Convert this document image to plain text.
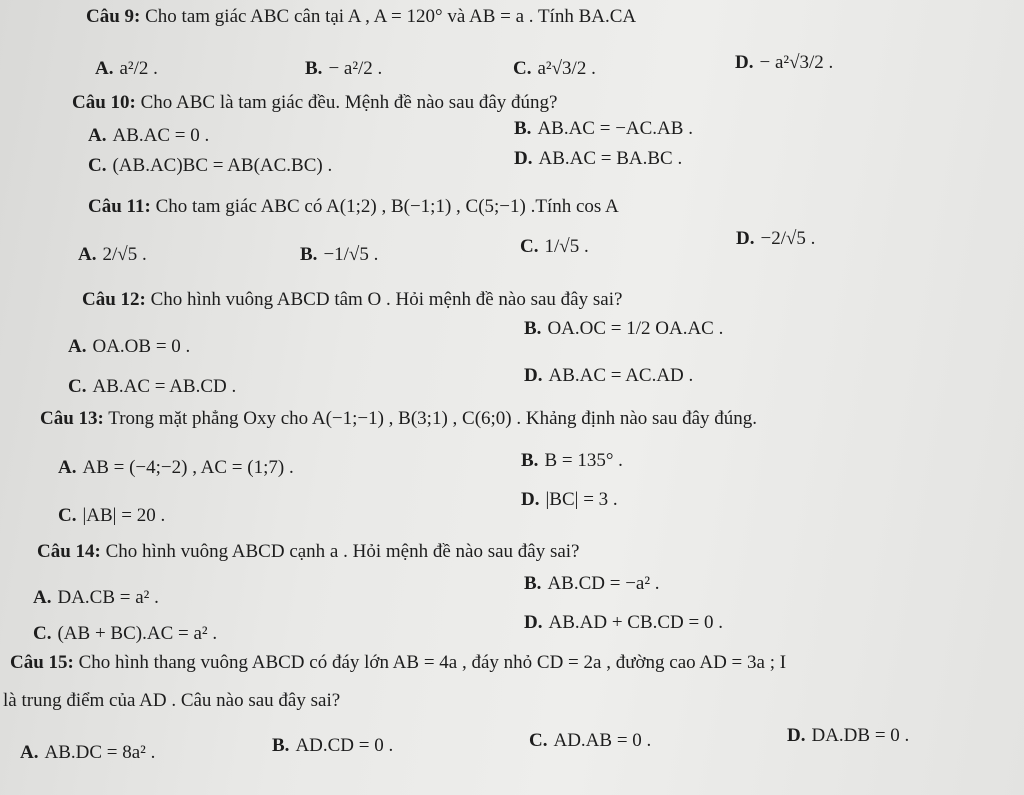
Câu 9: Cho tam giác ABC cân tại A , A = 120° và AB = a . Tính BA.CA
A. a²/2 .	B. − a²/2 .	C. a²√3/2 .	D. − a²√3/2 .
Câu 10: Cho ABC là tam giác đều. Mệnh đề nào sau đây đúng?
A. AB.AC = 0 .	B. AB.AC = −AC.AB .
C. (AB.AC)BC = AB(AC.BC) .	D. AB.AC = BA.BC .
Câu 11: Cho tam giác ABC có A(1;2) , B(−1;1) , C(5;−1) .Tính cos A
A. 2/√5 .	B. −1/√5 .	C. 1/√5 .	D. −2/√5 .
Câu 12: Cho hình vuông ABCD tâm O . Hỏi mệnh đề nào sau đây sai?
A. OA.OB = 0 .
B. OA.OC = 1/2 OA.AC .
C. AB.AC = AB.CD .
D. AB.AC = AC.AD .
Câu 13: Trong mặt phẳng Oxy cho A(−1;−1) , B(3;1) , C(6;0) . Khảng định nào sau đây đúng.
A. AB = (−4;−2) , AC = (1;7) .	B. B = 135° .
C. |AB| = 20 .
D. |BC| = 3 .
Câu 14: Cho hình vuông ABCD cạnh a . Hỏi mệnh đề nào sau đây sai?
A. DA.CB = a² .
B. AB.CD = −a² .
C. (AB + BC).AC = a² .
D. AB.AD + CB.CD = 0 .
Câu 15: Cho hình thang vuông ABCD có đáy lớn AB = 4a , đáy nhỏ CD = 2a , đường cao AD = 3a ; I
là trung điểm của AD . Câu nào sau đây sai?
A. AB.DC = 8a² .	B. AD.CD = 0 .	C. AD.AB = 0 .	D. DA.DB = 0 .
